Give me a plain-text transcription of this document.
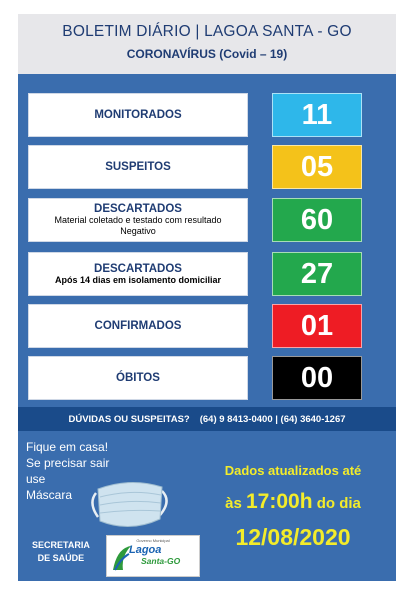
BOLETIM DIÁRIO | LAGOA SANTA - GO
CORONAVÍRUS (Covid – 19)
MONITORADOS	11
SUSPEITOS	05
DESCARTADOS
Material coletado e testado com resultado Negativo	60
DESCARTADOS
Após 14 dias em isolamento domiciliar	27
CONFIRMADOS	01
ÓBITOS	00
DÚVIDAS OU SUSPEITAS? (64) 9 8413-0400 | (64) 3640-1267
Fique em casa!
Se precisar sair
use
Máscara
Dados atualizados até
às 17:00h do dia
12/08/2020
SECRETARIA
DE SAÚDE
Governo Municipal
Lagoa
Santa-GO
